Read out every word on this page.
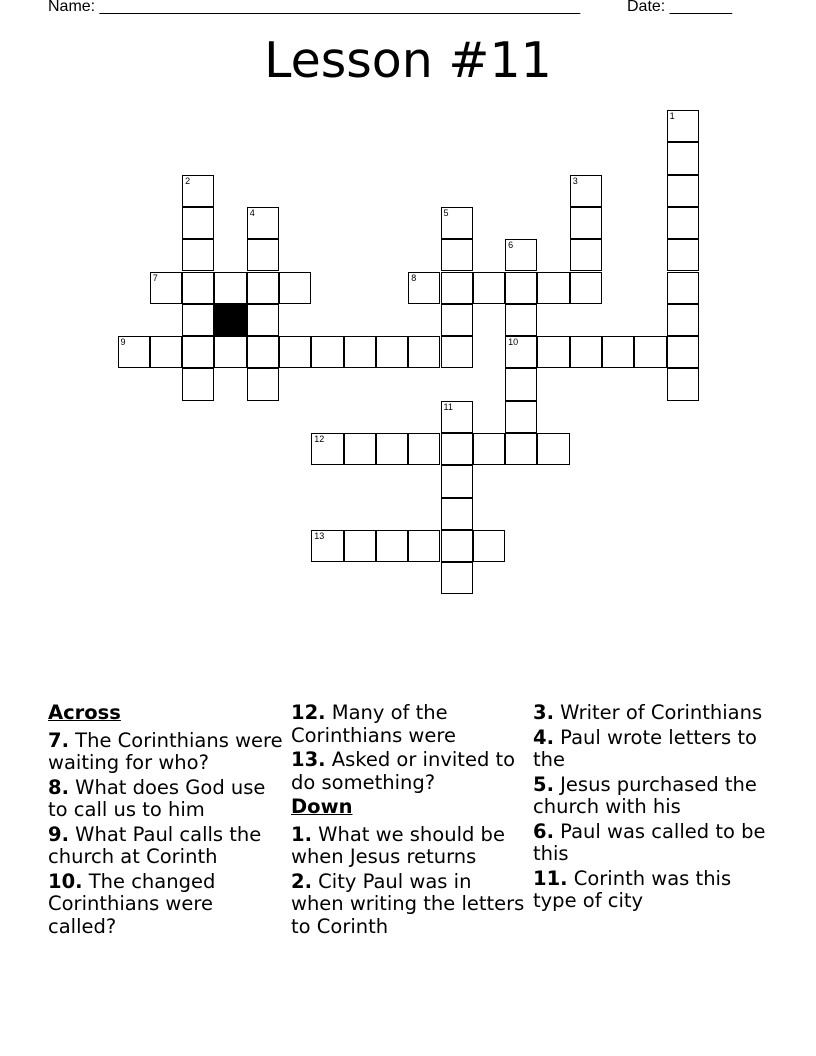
Name: ______________________________________________________	Date: _______
Lesson #11
1
2	3
4	5
6
10
7	8
9
11
12
13
Across
7. The Corinthians were waiting for who?
8. What does God use to call us to him
9. What Paul calls the church at Corinth
10. The changed Corinthians were called?
12. Many of the Corinthians were
13. Asked or invited to do something?
Down
1. What we should be when Jesus returns
2. City Paul was in when writing the letters to Corinth
3. Writer of Corinthians
4. Paul wrote letters to the
5. Jesus purchased the church with his
6. Paul was called to be this
11. Corinth was this type of city
